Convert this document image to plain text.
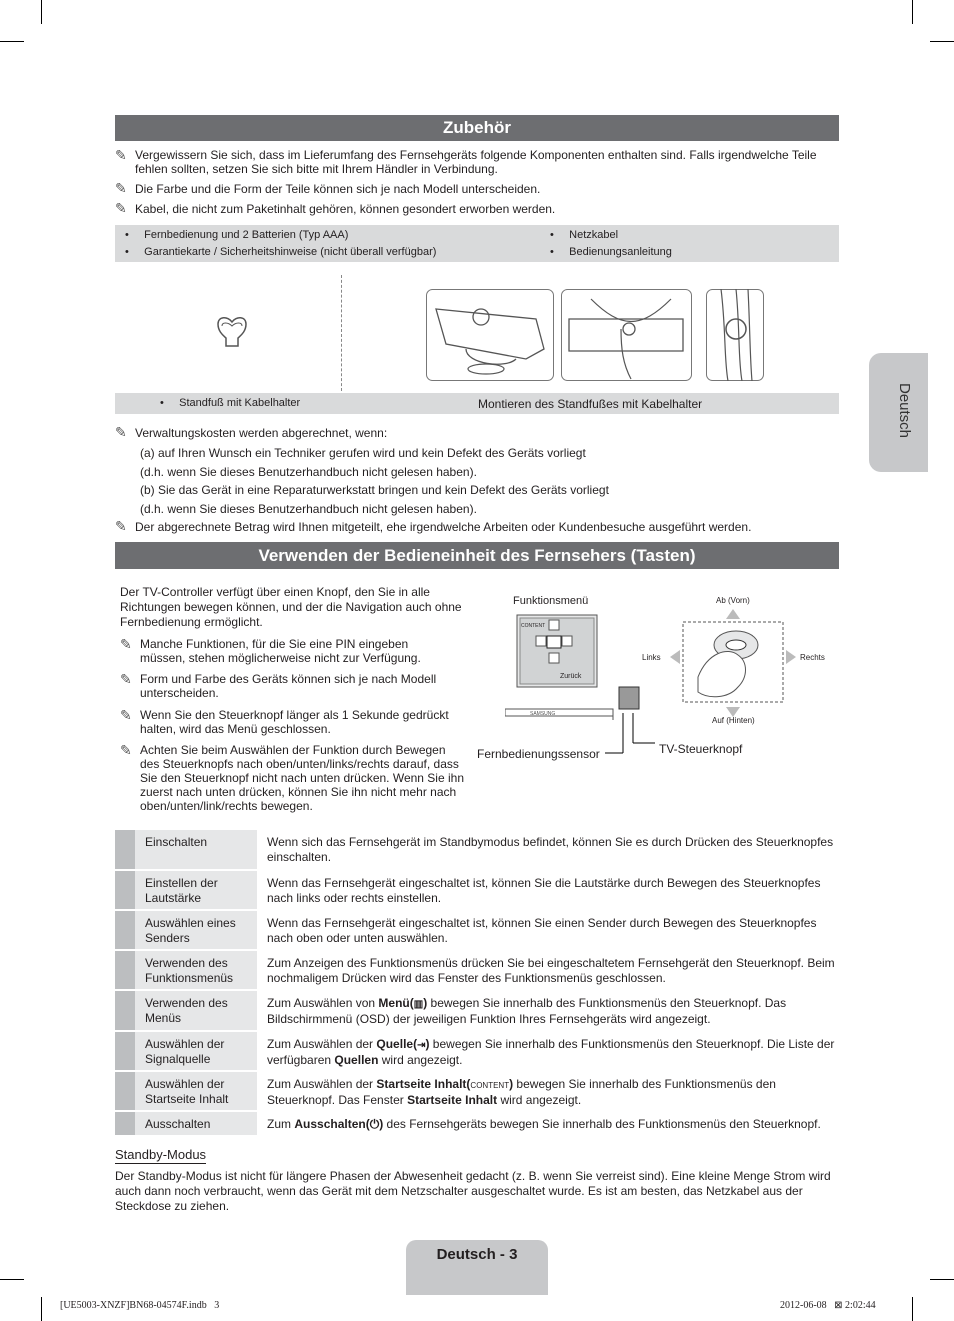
Deutsch
Zubehör
✎ Vergewissern Sie sich, dass im Lieferumfang des Fernsehgeräts folgende Komponenten enthalten sind. Falls irgendwelche Teile fehlen sollten, setzen Sie sich bitte mit Ihrem Händler in Verbindung.
✎ Die Farbe und die Form der Teile können sich je nach Modell unterscheiden.
✎ Kabel, die nicht zum Paketinhalt gehören, können gesondert erworben werden.
•     Fernbedienung und 2 Batterien (Typ AAA)
•     Garantiekarte / Sicherheitshinweise (nicht überall verfügbar)
•     Netzkabel
•     Bedienungsanleitung
•     Standfuß mit Kabelhalter	Montieren des Standfußes mit Kabelhalter
✎ Verwaltungskosten werden abgerechnet, wenn:
(a) auf Ihren Wunsch ein Techniker gerufen wird und kein Defekt des Geräts vorliegt
(d.h. wenn Sie dieses Benutzerhandbuch nicht gelesen haben).
(b) Sie das Gerät in eine Reparaturwerkstatt bringen und kein Defekt des Geräts vorliegt
(d.h. wenn Sie dieses Benutzerhandbuch nicht gelesen haben).
✎ Der abgerechnete Betrag wird Ihnen mitgeteilt, ehe irgendwelche Arbeiten oder Kundenbesuche ausgeführt werden.
Verwenden der Bedieneinheit des Fernsehers (Tasten)
Der TV-Controller verfügt über einen Knopf, den Sie in alle Richtungen bewegen können, und der die Navigation auch ohne Fernbedienung ermöglicht.
✎ Manche Funktionen, für die Sie eine PIN eingeben müssen, stehen möglicherweise nicht zur Verfügung.
✎ Form und Farbe des Geräts können sich je nach Modell unterscheiden.
✎ Wenn Sie den Steuerknopf länger als 1 Sekunde gedrückt halten, wird das Menü geschlossen.
✎ Achten Sie beim Auswählen der Funktion durch Bewegen des Steuerknopfs nach oben/unten/links/rechts darauf, dass Sie den Steuerknopf nicht nach unten drücken. Wenn Sie ihn zuerst nach unten drücken, können Sie ihn nicht mehr nach oben/unten/link/rechts bewegen.
Funktionsmenü
CONTENT
Zurück
SAMSUNG
Fernbedienungssensor	TV-Steuerknopf
Ab (Vorn)
Auf (Hinten)
Links	Rechts
Einschalten	Wenn sich das Fernsehgerät im Standbymodus befindet, können Sie es durch Drücken des Steuerknopfes einschalten.
Einstellen der Lautstärke
Wenn das Fernsehgerät eingeschaltet ist, können Sie die Lautstärke durch Bewegen des Steuerknopfes nach links oder rechts einstellen.
Auswählen eines Senders
Wenn das Fernsehgerät eingeschaltet ist, können Sie einen Sender durch Bewegen des Steuerknopfes nach oben oder unten auswählen.
Verwenden des Funktionsmenüs
Zum Anzeigen des Funktionsmenüs drücken Sie bei eingeschaltetem Fernsehgerät den Steuerknopf. Beim nochmaligem Drücken wird das Fenster des Funktionsmenüs geschlossen.
Verwenden des Menüs
Zum Auswählen von Menü(▥) bewegen Sie innerhalb des Funktionsmenüs den Steuerknopf. Das Bildschirmmenü (OSD) der jeweiligen Funktion Ihres Fernsehgeräts wird angezeigt.
Auswählen der Signalquelle
Zum Auswählen der Quelle(⇥) bewegen Sie innerhalb des Funktionsmenüs den Steuerknopf. Die Liste der verfügbaren Quellen wird angezeigt.
Auswählen der Startseite Inhalt
Zum Auswählen der Startseite Inhalt(CONTENT) bewegen Sie innerhalb des Funktionsmenüs den Steuerknopf. Das Fenster Startseite Inhalt wird angezeigt.
Ausschalten	Zum Ausschalten(⏻) des Fernsehgeräts bewegen Sie innerhalb des Funktionsmenüs den Steuerknopf.
Standby-Modus
Der Standby-Modus ist nicht für längere Phasen der Abwesenheit gedacht (z. B. wenn Sie verreist sind). Eine kleine Menge Strom wird auch dann noch verbraucht, wenn das Gerät mit dem Netzschalter ausgeschaltet wurde. Es ist am besten, das Netzkabel aus der Steckdose zu ziehen.
Deutsch - 3
[UE5003-XNZF]BN68-04574F.indb   3	2012-06-08   ⊠ 2:02:44
